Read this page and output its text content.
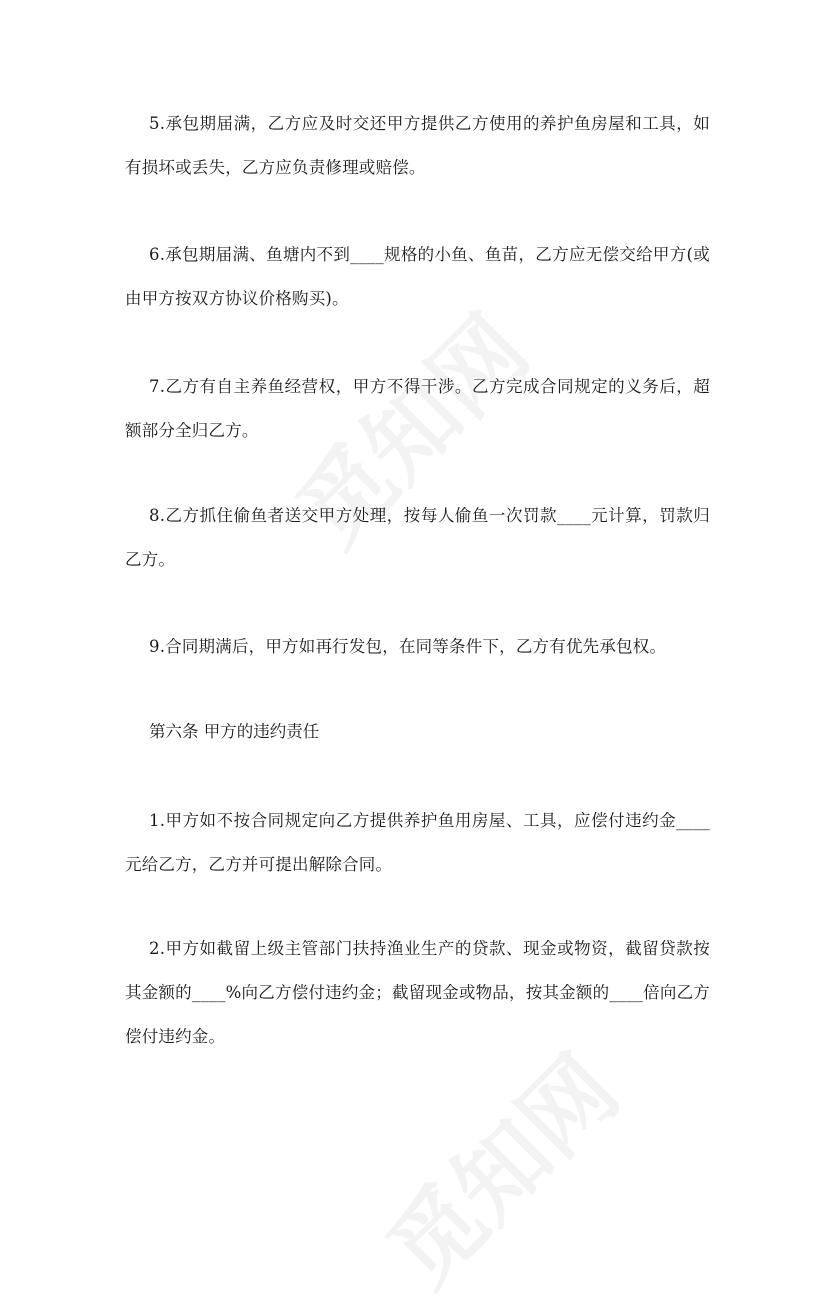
5.承包期届满，乙方应及时交还甲方提供乙方使用的养护鱼房屋和工具，如有损坏或丢失，乙方应负责修理或赔偿。

6.承包期届满、鱼塘内不到____规格的小鱼、鱼苗，乙方应无偿交给甲方(或由甲方按双方协议价格购买)。

7.乙方有自主养鱼经营权，甲方不得干涉。乙方完成合同规定的义务后，超额部分全归乙方。

8.乙方抓住偷鱼者送交甲方处理，按每人偷鱼一次罚款____元计算，罚款归乙方。

9.合同期满后，甲方如再行发包，在同等条件下，乙方有优先承包权。

第六条 甲方的违约责任

1.甲方如不按合同规定向乙方提供养护鱼用房屋、工具，应偿付违约金____元给乙方，乙方并可提出解除合同。

2.甲方如截留上级主管部门扶持渔业生产的贷款、现金或物资，截留贷款按其金额的____%向乙方偿付违约金；截留现金或物品，按其金额的____倍向乙方偿付违约金。
